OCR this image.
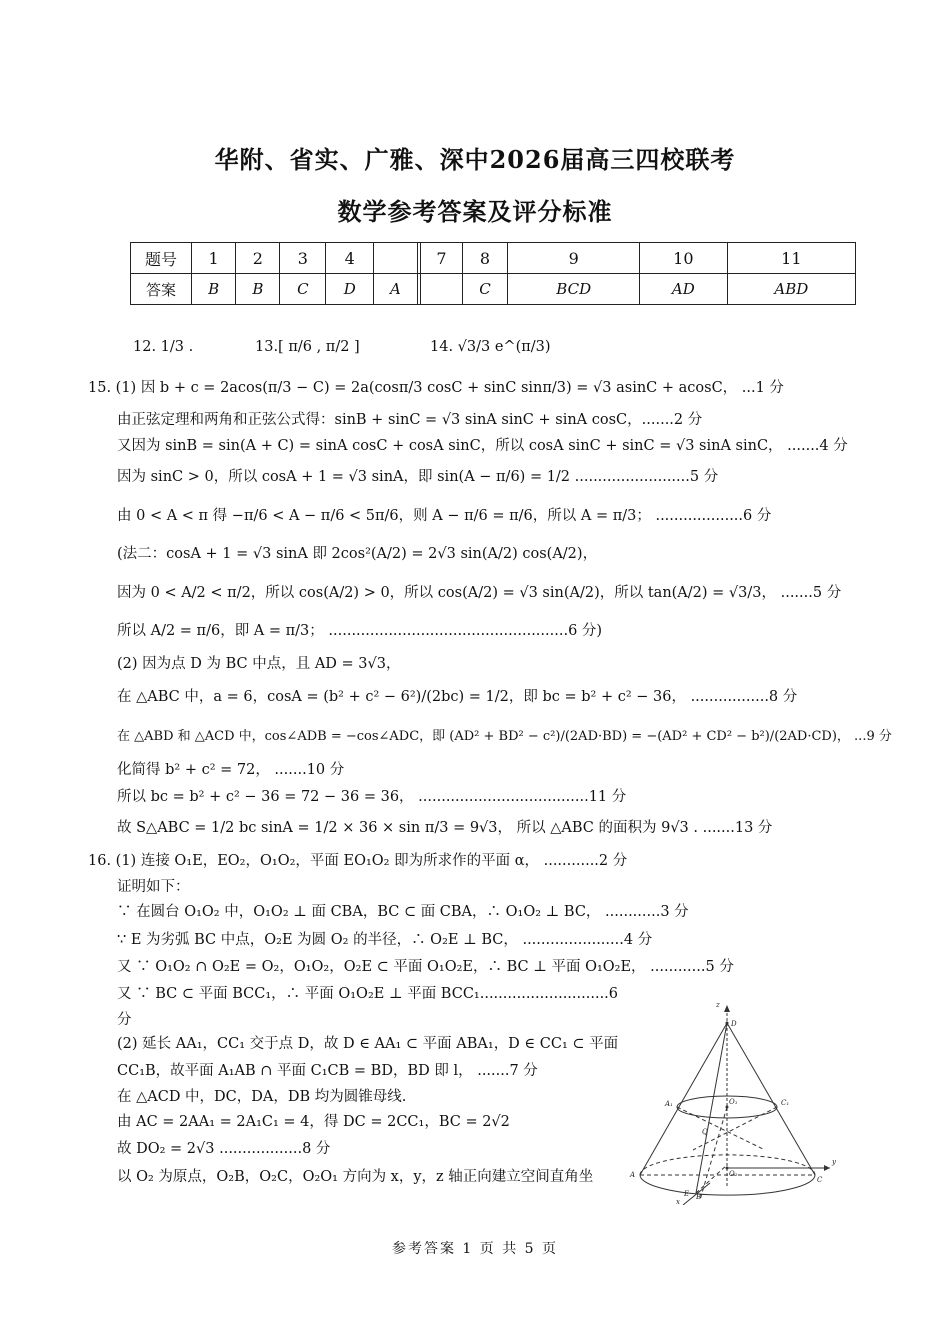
华附、省实、广雅、深中2026届高三四校联考
数学参考答案及评分标准
题号	1	2	3	4			7	8	9	10	11
答案	B	B	C	D	A			C	BCD	AD	ABD
12. 1/3 .	13.[ π/6 , π/2 ]	14. √3/3 e^(π/3)
15. (1) 因 b + c = 2acos(π/3 − C) = 2a(cosπ/3 cosC + sinC sinπ/3) = √3 asinC + acosC， ...1 分
由正弦定理和两角和正弦公式得：sinB + sinC = √3 sinA sinC + sinA cosC，.......2 分
又因为 sinB = sin(A + C) = sinA cosC + cosA sinC，所以 cosA sinC + sinC = √3 sinA sinC， .......4 分
因为 sinC > 0，所以 cosA + 1 = √3 sinA，即 sin(A − π/6) = 1/2 .........................5 分
由 0 < A < π 得 −π/6 < A − π/6 < 5π/6，则 A − π/6 = π/6，所以 A = π/3； ...................6 分
(法二：cosA + 1 = √3 sinA 即 2cos²(A/2) = 2√3 sin(A/2) cos(A/2)，
因为 0 < A/2 < π/2，所以 cos(A/2) > 0，所以 cos(A/2) = √3 sin(A/2)，所以 tan(A/2) = √3/3， .......5 分
所以 A/2 = π/6，即 A = π/3； ....................................................6 分)
(2) 因为点 D 为 BC 中点，且 AD = 3√3，
在 △ABC 中，a = 6，cosA = (b² + c² − 6²)/(2bc) = 1/2，即 bc = b² + c² − 36， .................8 分
在 △ABD 和 △ACD 中，cos∠ADB = −cos∠ADC，即 (AD² + BD² − c²)/(2AD·BD) = −(AD² + CD² − b²)/(2AD·CD)， ...9 分
化简得 b² + c² = 72， .......10 分
所以 bc = b² + c² − 36 = 72 − 36 = 36， .....................................11 分
故 S△ABC = 1/2 bc sinA = 1/2 × 36 × sin π/3 = 9√3， 所以 △ABC 的面积为 9√3 . .......13 分
16. (1) 连接 O₁E，EO₂，O₁O₂，平面 EO₁O₂ 即为所求作的平面 α， ............2 分
证明如下：
∵ 在圆台 O₁O₂ 中，O₁O₂ ⊥ 面 CBA，BC ⊂ 面 CBA，∴ O₁O₂ ⊥ BC， ............3 分
∵ E 为劣弧 BC 中点，O₂E 为圆 O₂ 的半径，∴ O₂E ⊥ BC， ......................4 分
又 ∵ O₁O₂ ∩ O₂E = O₂，O₁O₂，O₂E ⊂ 平面 O₁O₂E，∴ BC ⊥ 平面 O₁O₂E， ............5 分
又 ∵ BC ⊂ 平面 BCC₁，∴ 平面 O₁O₂E ⊥ 平面 BCC₁............................6
分
(2) 延长 AA₁，CC₁ 交于点 D，故 D ∈ AA₁ ⊂ 平面 ABA₁，D ∈ CC₁ ⊂ 平面
CC₁B，故平面 A₁AB ∩ 平面 C₁CB = BD，BD 即 l， .......7 分
在 △ACD 中，DC，DA，DB 均为圆锥母线.
由 AC = 2AA₁ = 2A₁C₁ = 4，得 DC = 2CC₁，BC = 2√2
故 DO₂ = 2√3 ..................8 分
以 O₂ 为原点，O₂B，O₂C，O₂O₁ 方向为 x，y，z 轴正向建立空间直角坐
D
A₁	O₁	C₁
Q
A	O₂
C
B
E
y
x
z
参考答案 1 页 共 5 页
